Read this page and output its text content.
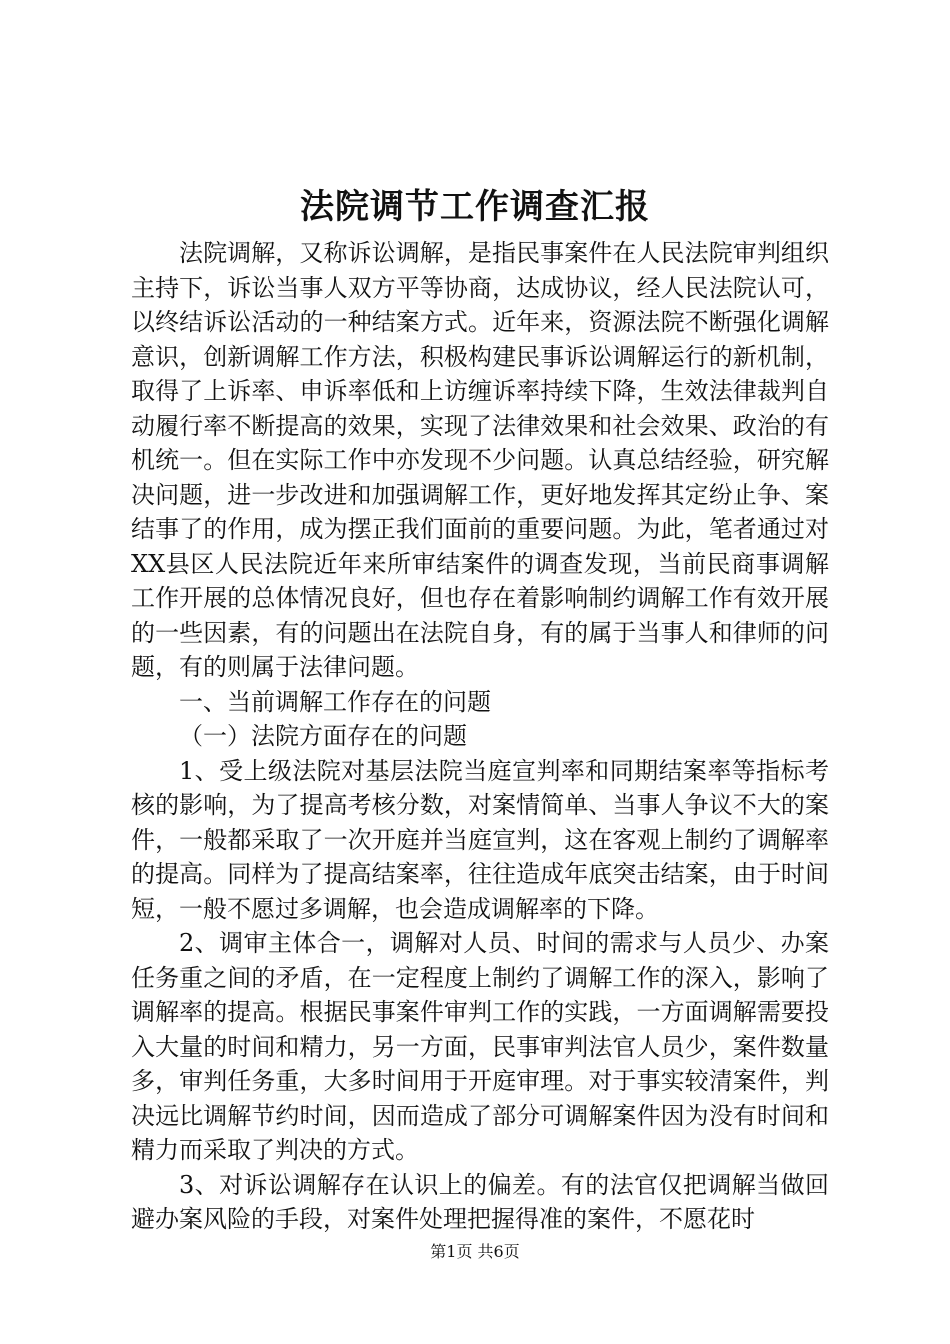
法院调节工作调查汇报

法院调解，又称诉讼调解，是指民事案件在人民法院审判组织主持下，诉讼当事人双方平等协商，达成协议，经人民法院认可，以终结诉讼活动的一种结案方式。近年来，资源法院不断强化调解意识，创新调解工作方法，积极构建民事诉讼调解运行的新机制，取得了上诉率、申诉率低和上访缠诉率持续下降，生效法律裁判自动履行率不断提高的效果，实现了法律效果和社会效果、政治的有机统一。但在实际工作中亦发现不少问题。认真总结经验，研究解决问题，进一步改进和加强调解工作，更好地发挥其定纷止争、案结事了的作用，成为摆正我们面前的重要问题。为此，笔者通过对XX县区人民法院近年来所审结案件的调查发现，当前民商事调解工作开展的总体情况良好，但也存在着影响制约调解工作有效开展的一些因素，有的问题出在法院自身，有的属于当事人和律师的问题，有的则属于法律问题。

一、当前调解工作存在的问题

（一）法院方面存在的问题

1、受上级法院对基层法院当庭宣判率和同期结案率等指标考核的影响，为了提高考核分数，对案情简单、当事人争议不大的案件，一般都采取了一次开庭并当庭宣判，这在客观上制约了调解率的提高。同样为了提高结案率，往往造成年底突击结案，由于时间短，一般不愿过多调解，也会造成调解率的下降。

2、调审主体合一，调解对人员、时间的需求与人员少、办案任务重之间的矛盾，在一定程度上制约了调解工作的深入，影响了调解率的提高。根据民事案件审判工作的实践，一方面调解需要投入大量的时间和精力，另一方面，民事审判法官人员少，案件数量多，审判任务重，大多时间用于开庭审理。对于事实较清案件，判决远比调解节约时间，因而造成了部分可调解案件因为没有时间和精力而采取了判决的方式。

3、对诉讼调解存在认识上的偏差。有的法官仅把调解当做回避办案风险的手段，对案件处理把握得准的案件，不愿花时

第1页 共6页
